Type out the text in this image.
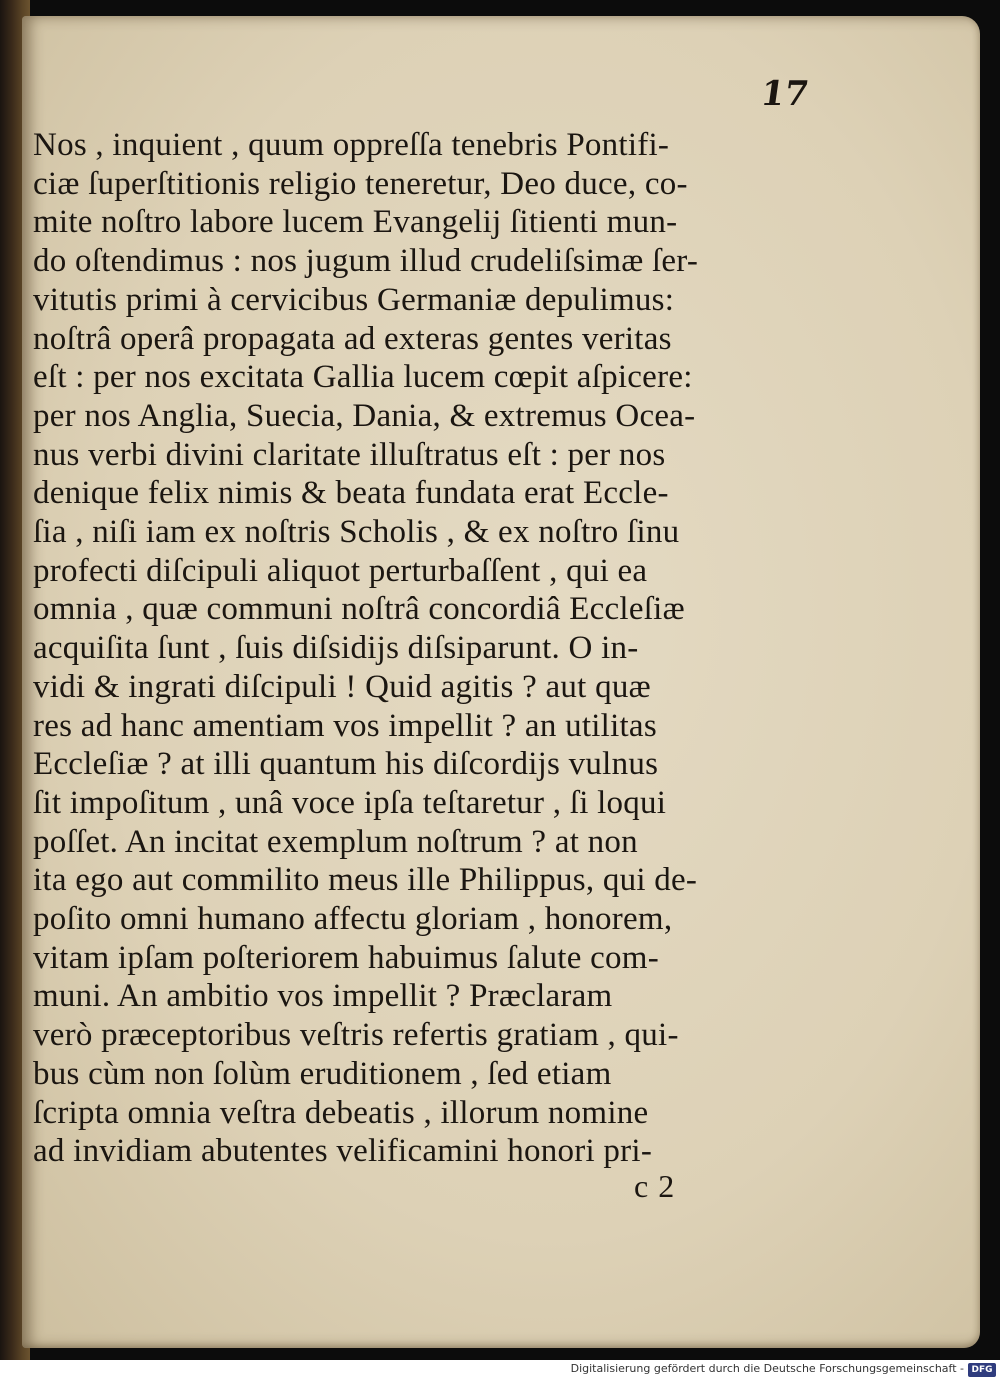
17
Nos , inquient , quum oppreſſa tenebris Pontifi-
ciæ ſuperſtitionis religio teneretur, Deo duce, co-
mite noſtro labore lucem Evangelij ſitienti mun-
do oſtendimus : nos jugum illud crudeliſsimæ ſer-
vitutis primi à cervicibus Germaniæ depulimus:
noſtrâ operâ propagata ad exteras gentes veritas
eſt : per nos excitata Gallia lucem cœpit aſpicere:
per nos Anglia, Suecia, Dania, & extremus Ocea-
nus verbi divini claritate illuſtratus eſt : per nos
denique felix nimis & beata fundata erat Eccle-
ſia , niſi iam ex noſtris Scholis , & ex noſtro ſinu
profecti diſcipuli aliquot perturbaſſent , qui ea
omnia , quæ communi noſtrâ concordiâ Eccleſiæ
acquiſita ſunt , ſuis diſsidijs diſsiparunt. O in-
vidi & ingrati diſcipuli ! Quid agitis ? aut quæ
res ad hanc amentiam vos impellit ? an utilitas
Eccleſiæ ? at illi quantum his diſcordijs vulnus
ſit impoſitum , unâ voce ipſa teſtaretur , ſi loqui
poſſet. An incitat exemplum noſtrum ? at non
ita ego aut commilito meus ille Philippus, qui de-
poſito omni humano affectu gloriam , honorem,
vitam ipſam poſteriorem habuimus ſalute com-
muni. An ambitio vos impellit ? Præclaram
verò præceptoribus veſtris refertis gratiam , qui-
bus cùm non ſolùm eruditionem , ſed etiam
ſcripta omnia veſtra debeatis , illorum nomine
ad invidiam abutentes velificamini honori pri-
c 2
Digitalisierung gefördert durch die Deutsche Forschungsgemeinschaft - DFG
